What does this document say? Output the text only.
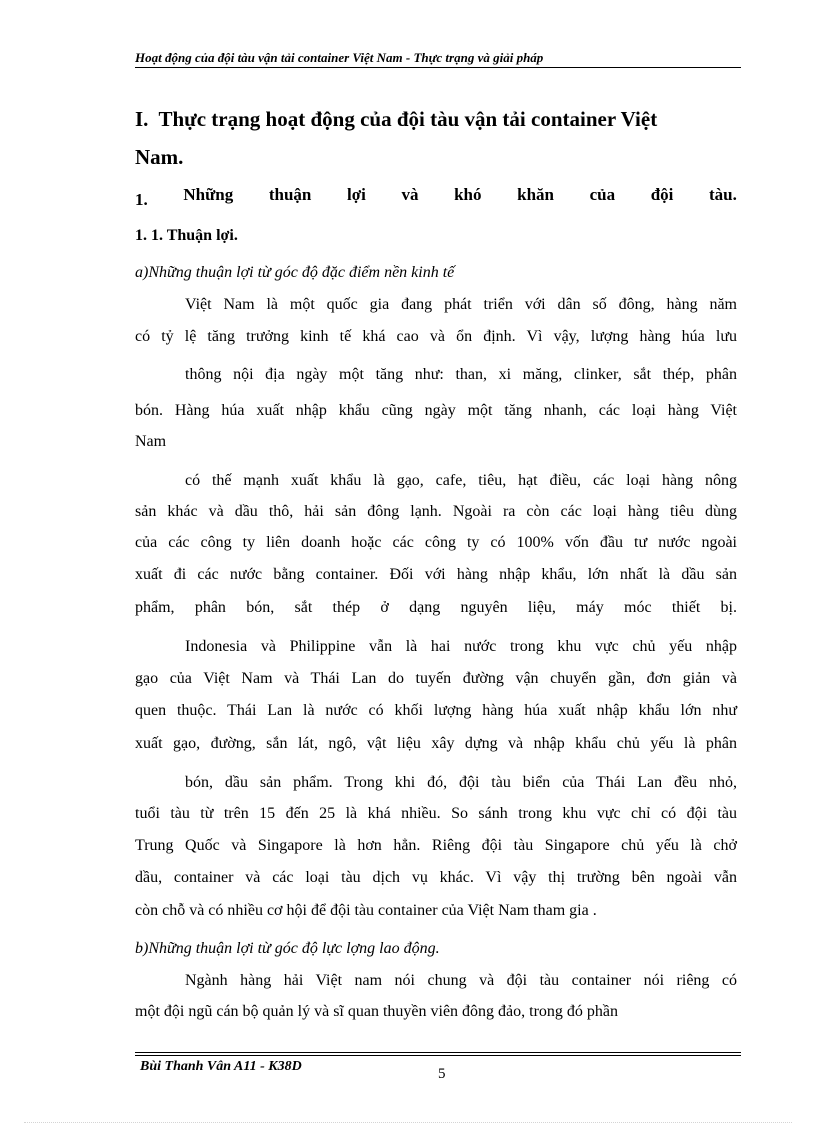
Hoạt động của đội tàu vận tải container Việt Nam - Thực trạng và giải pháp
I. Thực trạng hoạt động của đội tàu vận tải container Việt
Nam.
1. Những thuận lợi và khó khăn của đội tàu.
1. 1. Thuận lợi.
a)Những thuận lợi từ góc độ đặc điểm nền kinh tế
Việt Nam là một quốc gia đang phát triển với dân số đông, hàng năm
có tỷ lệ tăng trưởng kinh tế khá cao và ổn định. Vì vậy, lượng hàng húa lưu
thông nội địa ngày một tăng như: than, xi măng, clinker, sắt thép, phân
bón. Hàng húa xuất nhập khẩu cũng ngày một tăng nhanh, các loại hàng Việt
Nam
có thế mạnh xuất khẩu là gạo, cafe, tiêu, hạt điều, các loại hàng nông
sản khác và dầu thô, hải sản đông lạnh. Ngoài ra còn các loại hàng tiêu dùng
của các công ty liên doanh hoặc các công ty có 100% vốn đầu tư nước ngoài
xuất đi các nước bằng container. Đối với hàng nhập khẩu, lớn nhất là dầu sản
phẩm, phân bón, sắt thép ở dạng nguyên liệu, máy móc thiết bị.
Indonesia và Philippine vẫn là hai nước trong khu vực chủ yếu nhập
gạo của Việt Nam và Thái Lan do tuyến đường vận chuyển gần, đơn giản và
quen thuộc. Thái Lan là nước có khối lượng hàng húa xuất nhập khẩu lớn như
xuất gạo, đường, sắn lát, ngô, vật liệu xây dựng và nhập khẩu chủ yếu là phân
bón, dầu sản phẩm. Trong khi đó, đội tàu biển của Thái Lan đều nhỏ,
tuổi tàu từ trên 15 đến 25 là khá nhiều. So sánh trong khu vực chỉ có đội tàu
Trung Quốc và Singapore là hơn hẳn. Riêng đội tàu Singapore chủ yếu là chở
dầu, container và các loại tàu dịch vụ khác. Vì vậy thị trường bên ngoài vẫn
còn chỗ và có nhiều cơ hội để đội tàu container của Việt Nam tham gia .
b)Những thuận lợi từ góc độ lực lợng lao động.
Ngành hàng hải Việt nam nói chung và đội tàu container nói riêng có
một đội ngũ cán bộ quản lý và sĩ quan thuyền viên đông đảo, trong đó phần
Bùi Thanh Vân A11 - K38D	5
